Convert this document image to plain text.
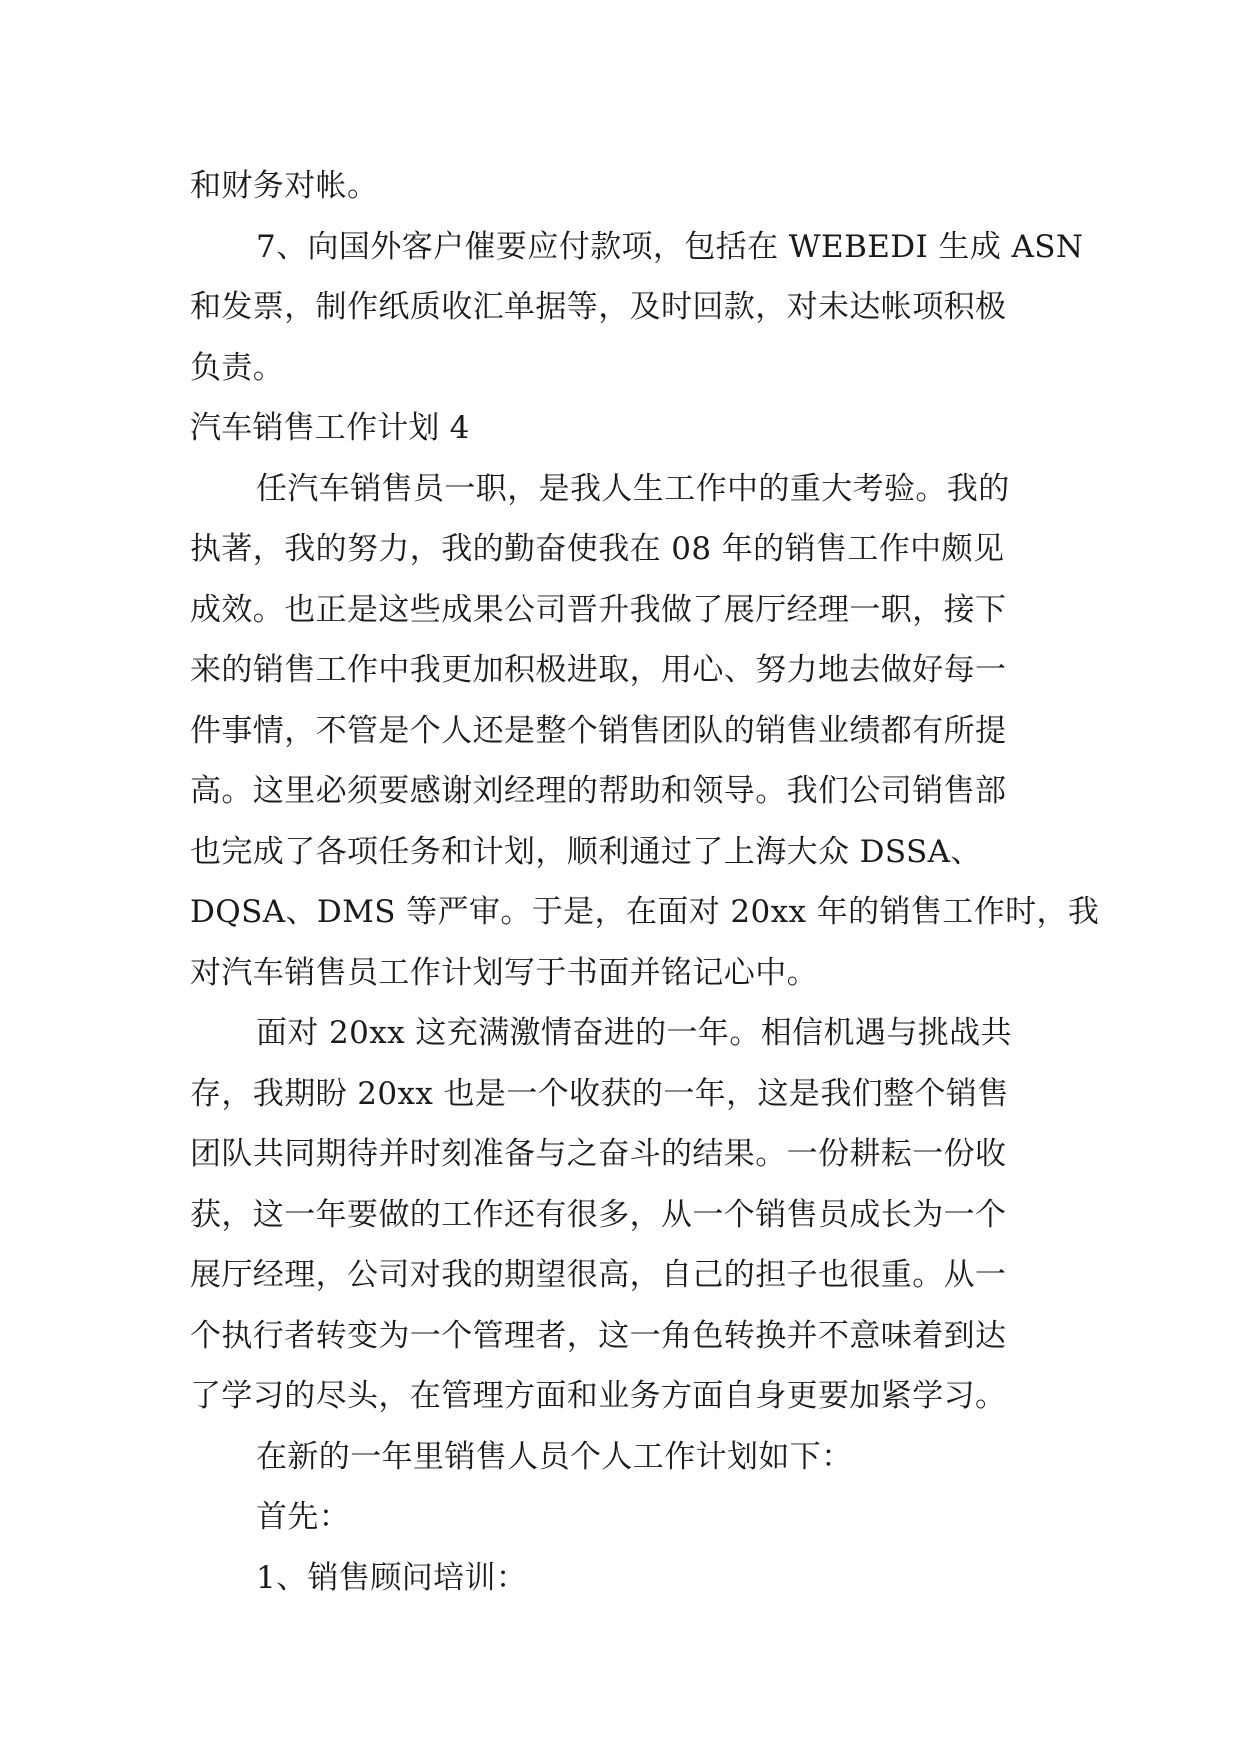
和财务对帐。
7、向国外客户催要应付款项，包括在 WEBEDI 生成 ASN
和发票，制作纸质收汇单据等，及时回款，对未达帐项积极
负责。
汽车销售工作计划 4
任汽车销售员一职，是我人生工作中的重大考验。我的
执著，我的努力，我的勤奋使我在 08 年的销售工作中颇见
成效。也正是这些成果公司晋升我做了展厅经理一职，接下
来的销售工作中我更加积极进取，用心、努力地去做好每一
件事情，不管是个人还是整个销售团队的销售业绩都有所提
高。这里必须要感谢刘经理的帮助和领导。我们公司销售部
也完成了各项任务和计划，顺利通过了上海大众 DSSA、
DQSA、DMS 等严审。于是，在面对 20xx 年的销售工作时，我
对汽车销售员工作计划写于书面并铭记心中。
面对 20xx 这充满激情奋进的一年。相信机遇与挑战共
存，我期盼 20xx 也是一个收获的一年，这是我们整个销售
团队共同期待并时刻准备与之奋斗的结果。一份耕耘一份收
获，这一年要做的工作还有很多，从一个销售员成长为一个
展厅经理，公司对我的期望很高，自己的担子也很重。从一
个执行者转变为一个管理者，这一角色转换并不意味着到达
了学习的尽头，在管理方面和业务方面自身更要加紧学习。
在新的一年里销售人员个人工作计划如下：
首先：
1、销售顾问培训：
